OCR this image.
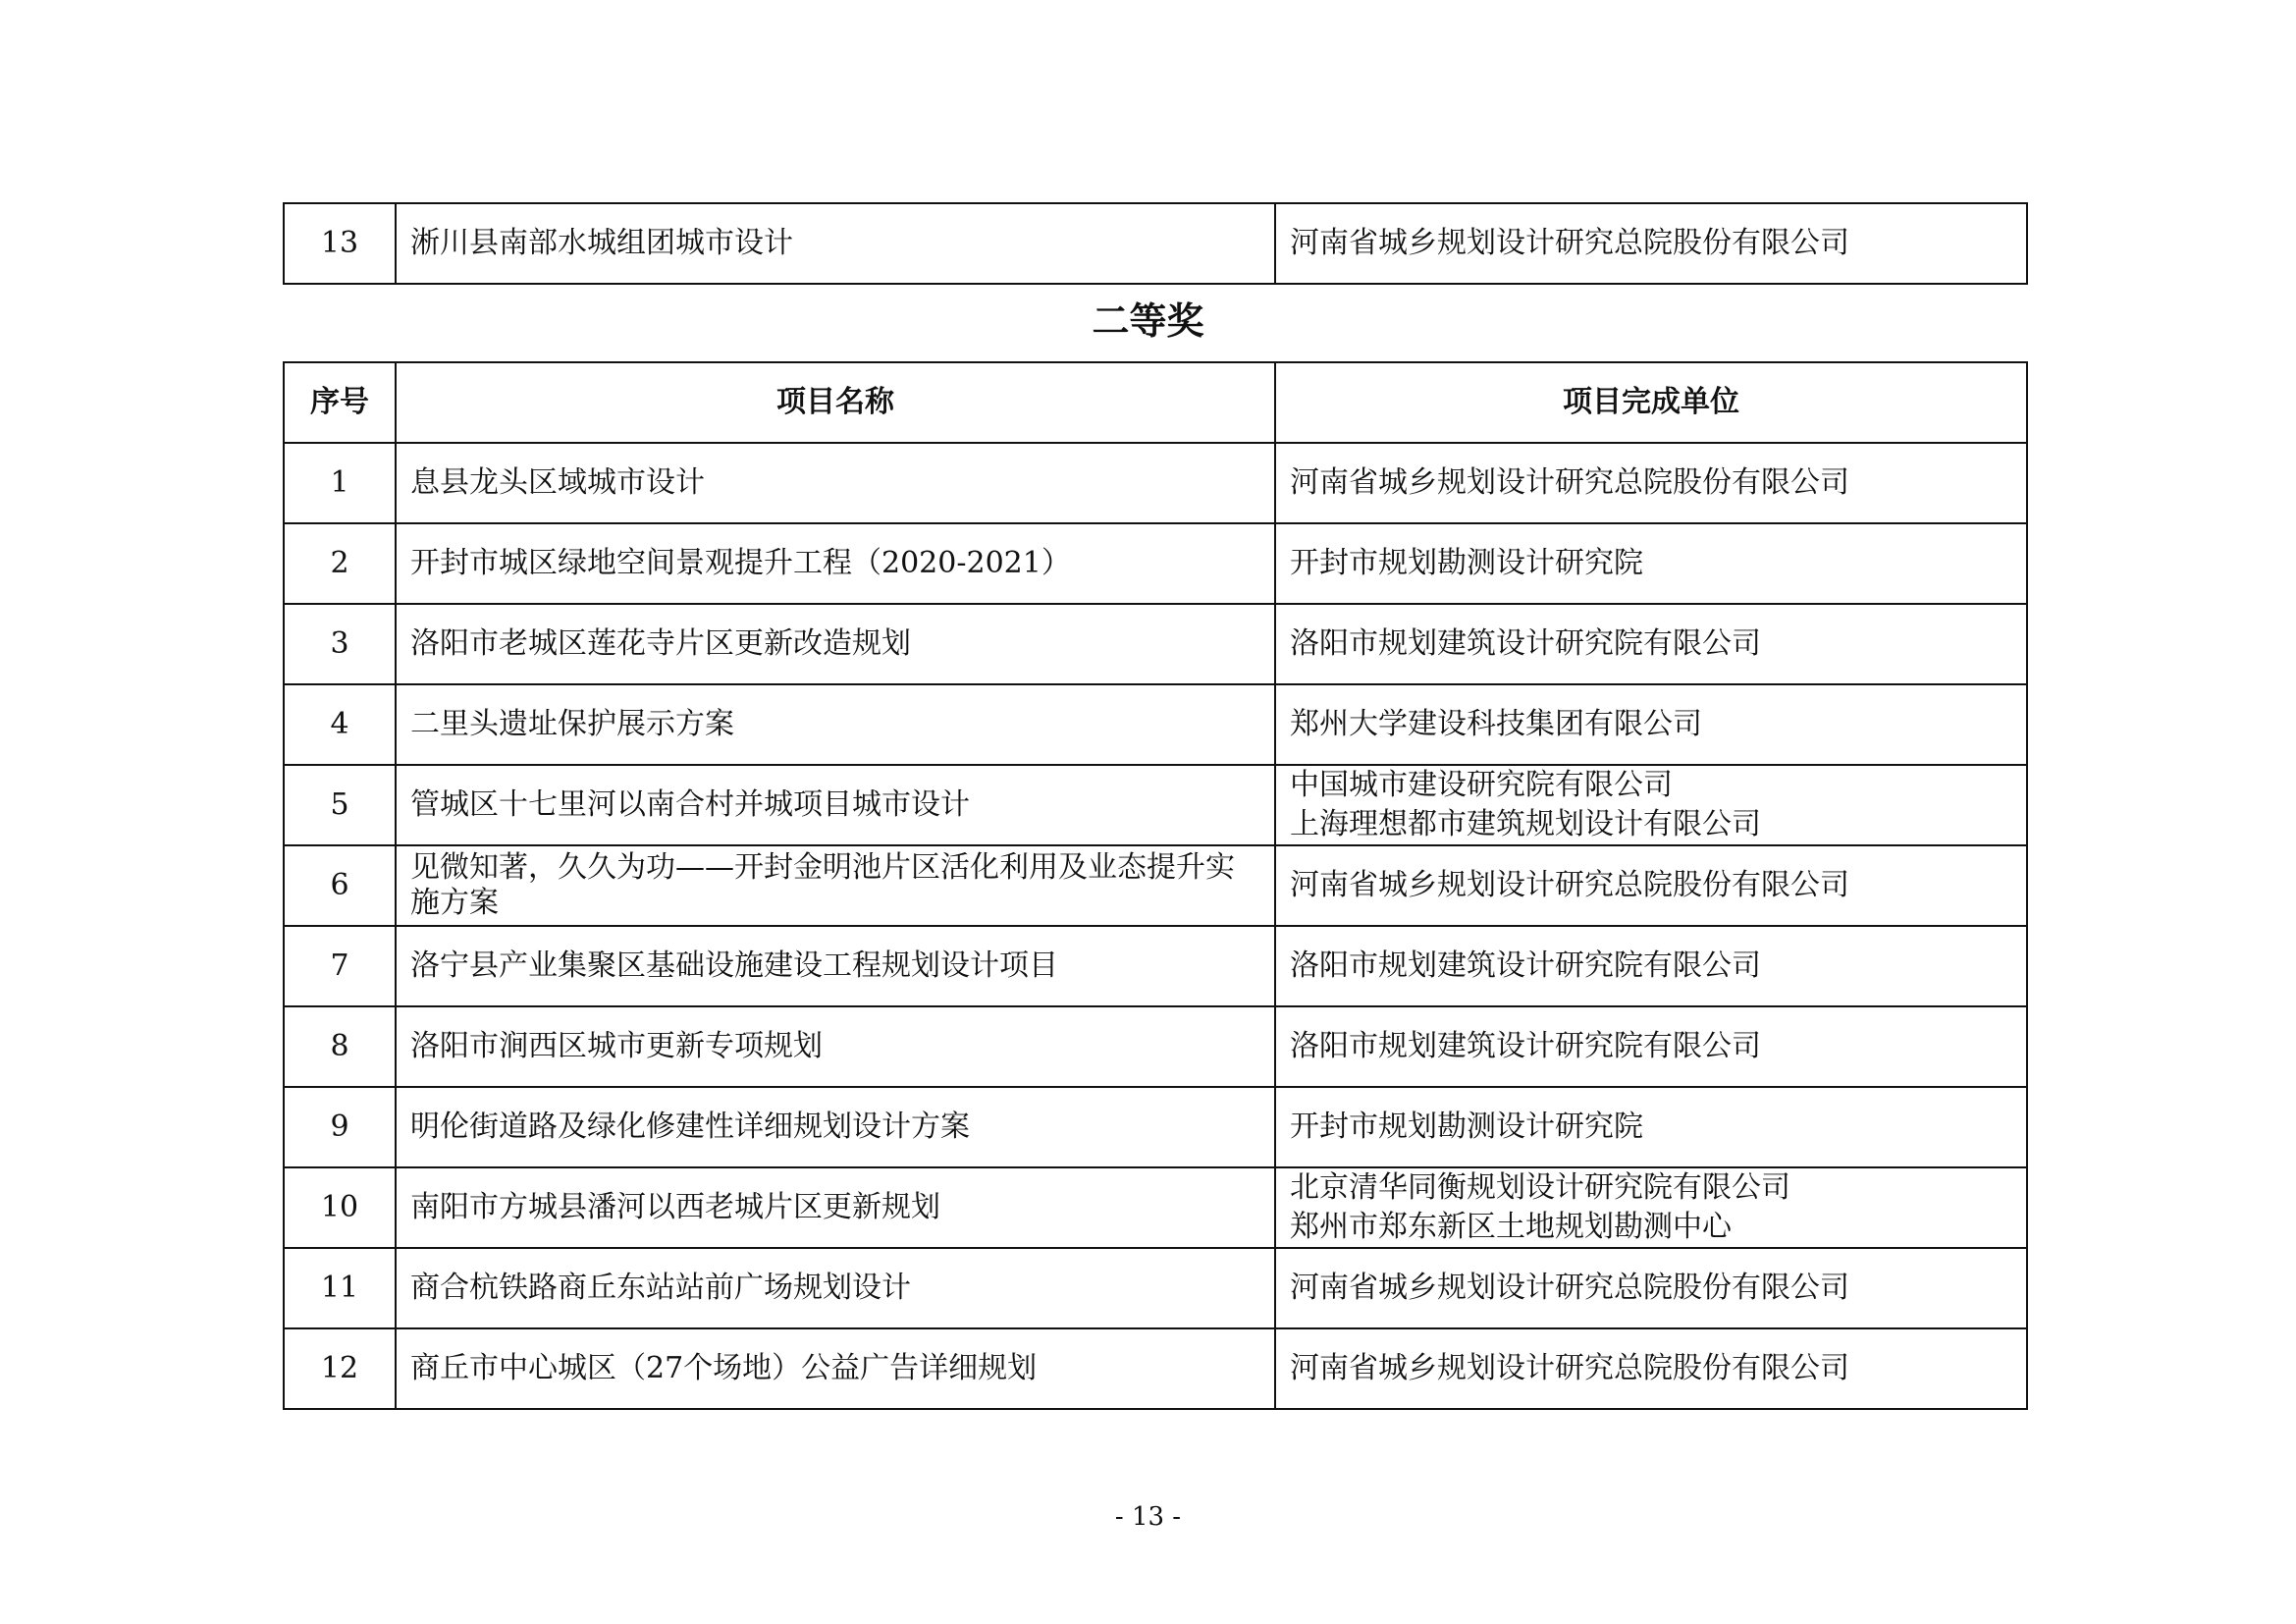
13	淅川县南部水城组团城市设计	河南省城乡规划设计研究总院股份有限公司
二等奖
序号	项目名称	项目完成单位
1	息县龙头区域城市设计	河南省城乡规划设计研究总院股份有限公司
2	开封市城区绿地空间景观提升工程（2020-2021）	开封市规划勘测设计研究院
3	洛阳市老城区莲花寺片区更新改造规划	洛阳市规划建筑设计研究院有限公司
4	二里头遗址保护展示方案	郑州大学建设科技集团有限公司
5	管城区十七里河以南合村并城项目城市设计	中国城市建设研究院有限公司
上海理想都市建筑规划设计有限公司

6	见微知著，久久为功——开封金明池片区活化利用及业态提升实施方案	河南省城乡规划设计研究总院股份有限公司
7	洛宁县产业集聚区基础设施建设工程规划设计项目	洛阳市规划建筑设计研究院有限公司
8	洛阳市涧西区城市更新专项规划	洛阳市规划建筑设计研究院有限公司
9	明伦街道路及绿化修建性详细规划设计方案	开封市规划勘测设计研究院
10	南阳市方城县潘河以西老城片区更新规划	北京清华同衡规划设计研究院有限公司
郑州市郑东新区土地规划勘测中心

11	商合杭铁路商丘东站站前广场规划设计	河南省城乡规划设计研究总院股份有限公司
12	商丘市中心城区（27个场地）公益广告详细规划	河南省城乡规划设计研究总院股份有限公司
- 13 -
